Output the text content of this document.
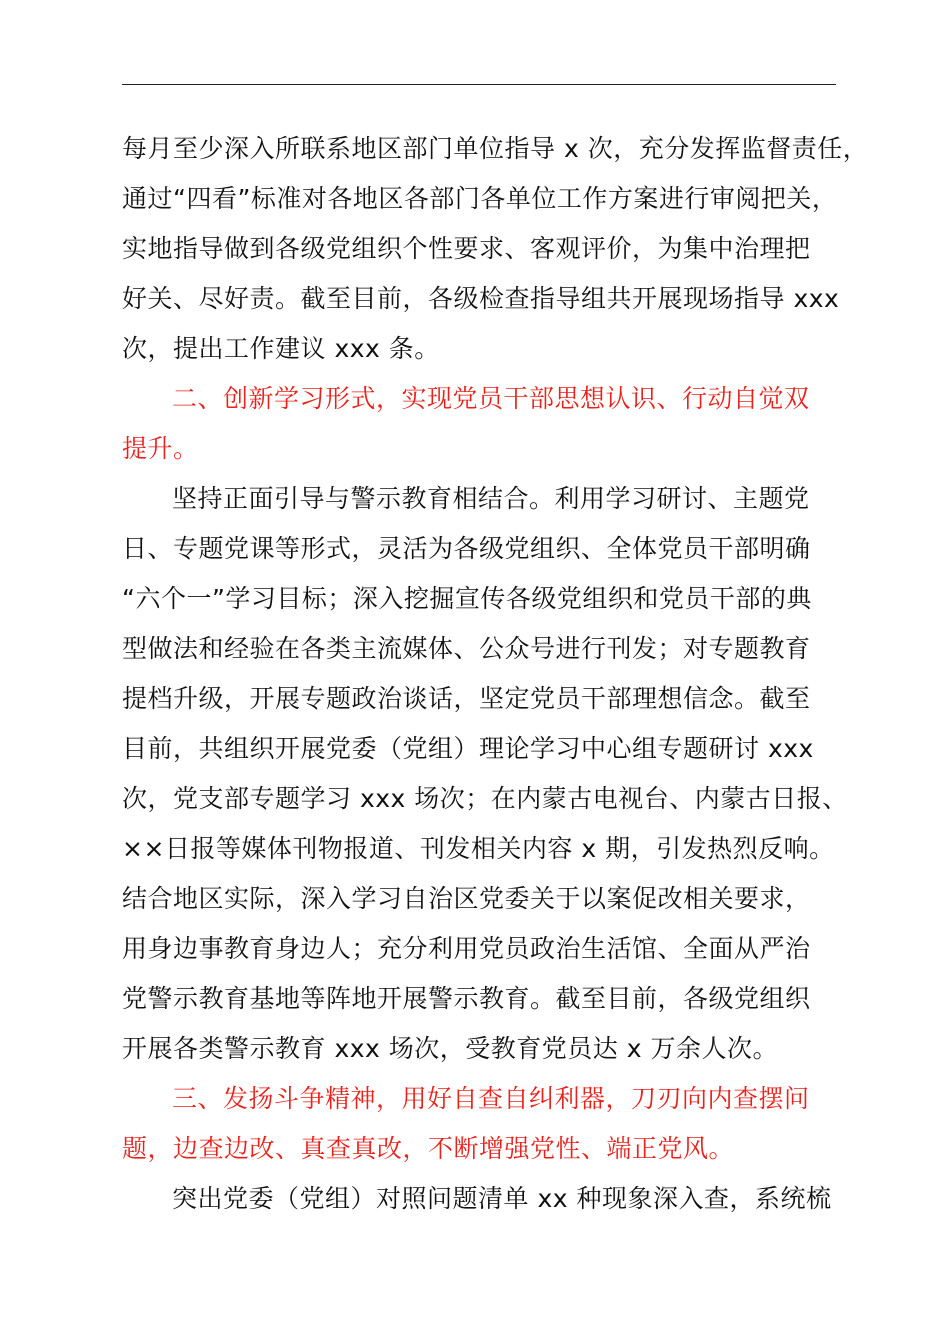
每月至少深入所联系地区部门单位指导 x 次，充分发挥监督责任，
通过“四看”标准对各地区各部门各单位工作方案进行审阅把关，
实地指导做到各级党组织个性要求、客观评价，为集中治理把
好关、尽好责。截至目前，各级检查指导组共开展现场指导 xxx
次，提出工作建议 xxx 条。
二、创新学习形式，实现党员干部思想认识、行动自觉双
提升。
坚持正面引导与警示教育相结合。利用学习研讨、主题党
日、专题党课等形式，灵活为各级党组织、全体党员干部明确
“六个一”学习目标；深入挖掘宣传各级党组织和党员干部的典
型做法和经验在各类主流媒体、公众号进行刊发；对专题教育
提档升级，开展专题政治谈话，坚定党员干部理想信念。截至
目前，共组织开展党委（党组）理论学习中心组专题研讨 xxx
次，党支部专题学习 xxx 场次；在内蒙古电视台、内蒙古日报、
××日报等媒体刊物报道、刊发相关内容 x 期，引发热烈反响。
结合地区实际，深入学习自治区党委关于以案促改相关要求，
用身边事教育身边人；充分利用党员政治生活馆、全面从严治
党警示教育基地等阵地开展警示教育。截至目前，各级党组织
开展各类警示教育 xxx 场次，受教育党员达 x 万余人次。
三、发扬斗争精神，用好自查自纠利器，刀刃向内查摆问
题，边查边改、真查真改，不断增强党性、端正党风。
突出党委（党组）对照问题清单 xx 种现象深入查，系统梳
